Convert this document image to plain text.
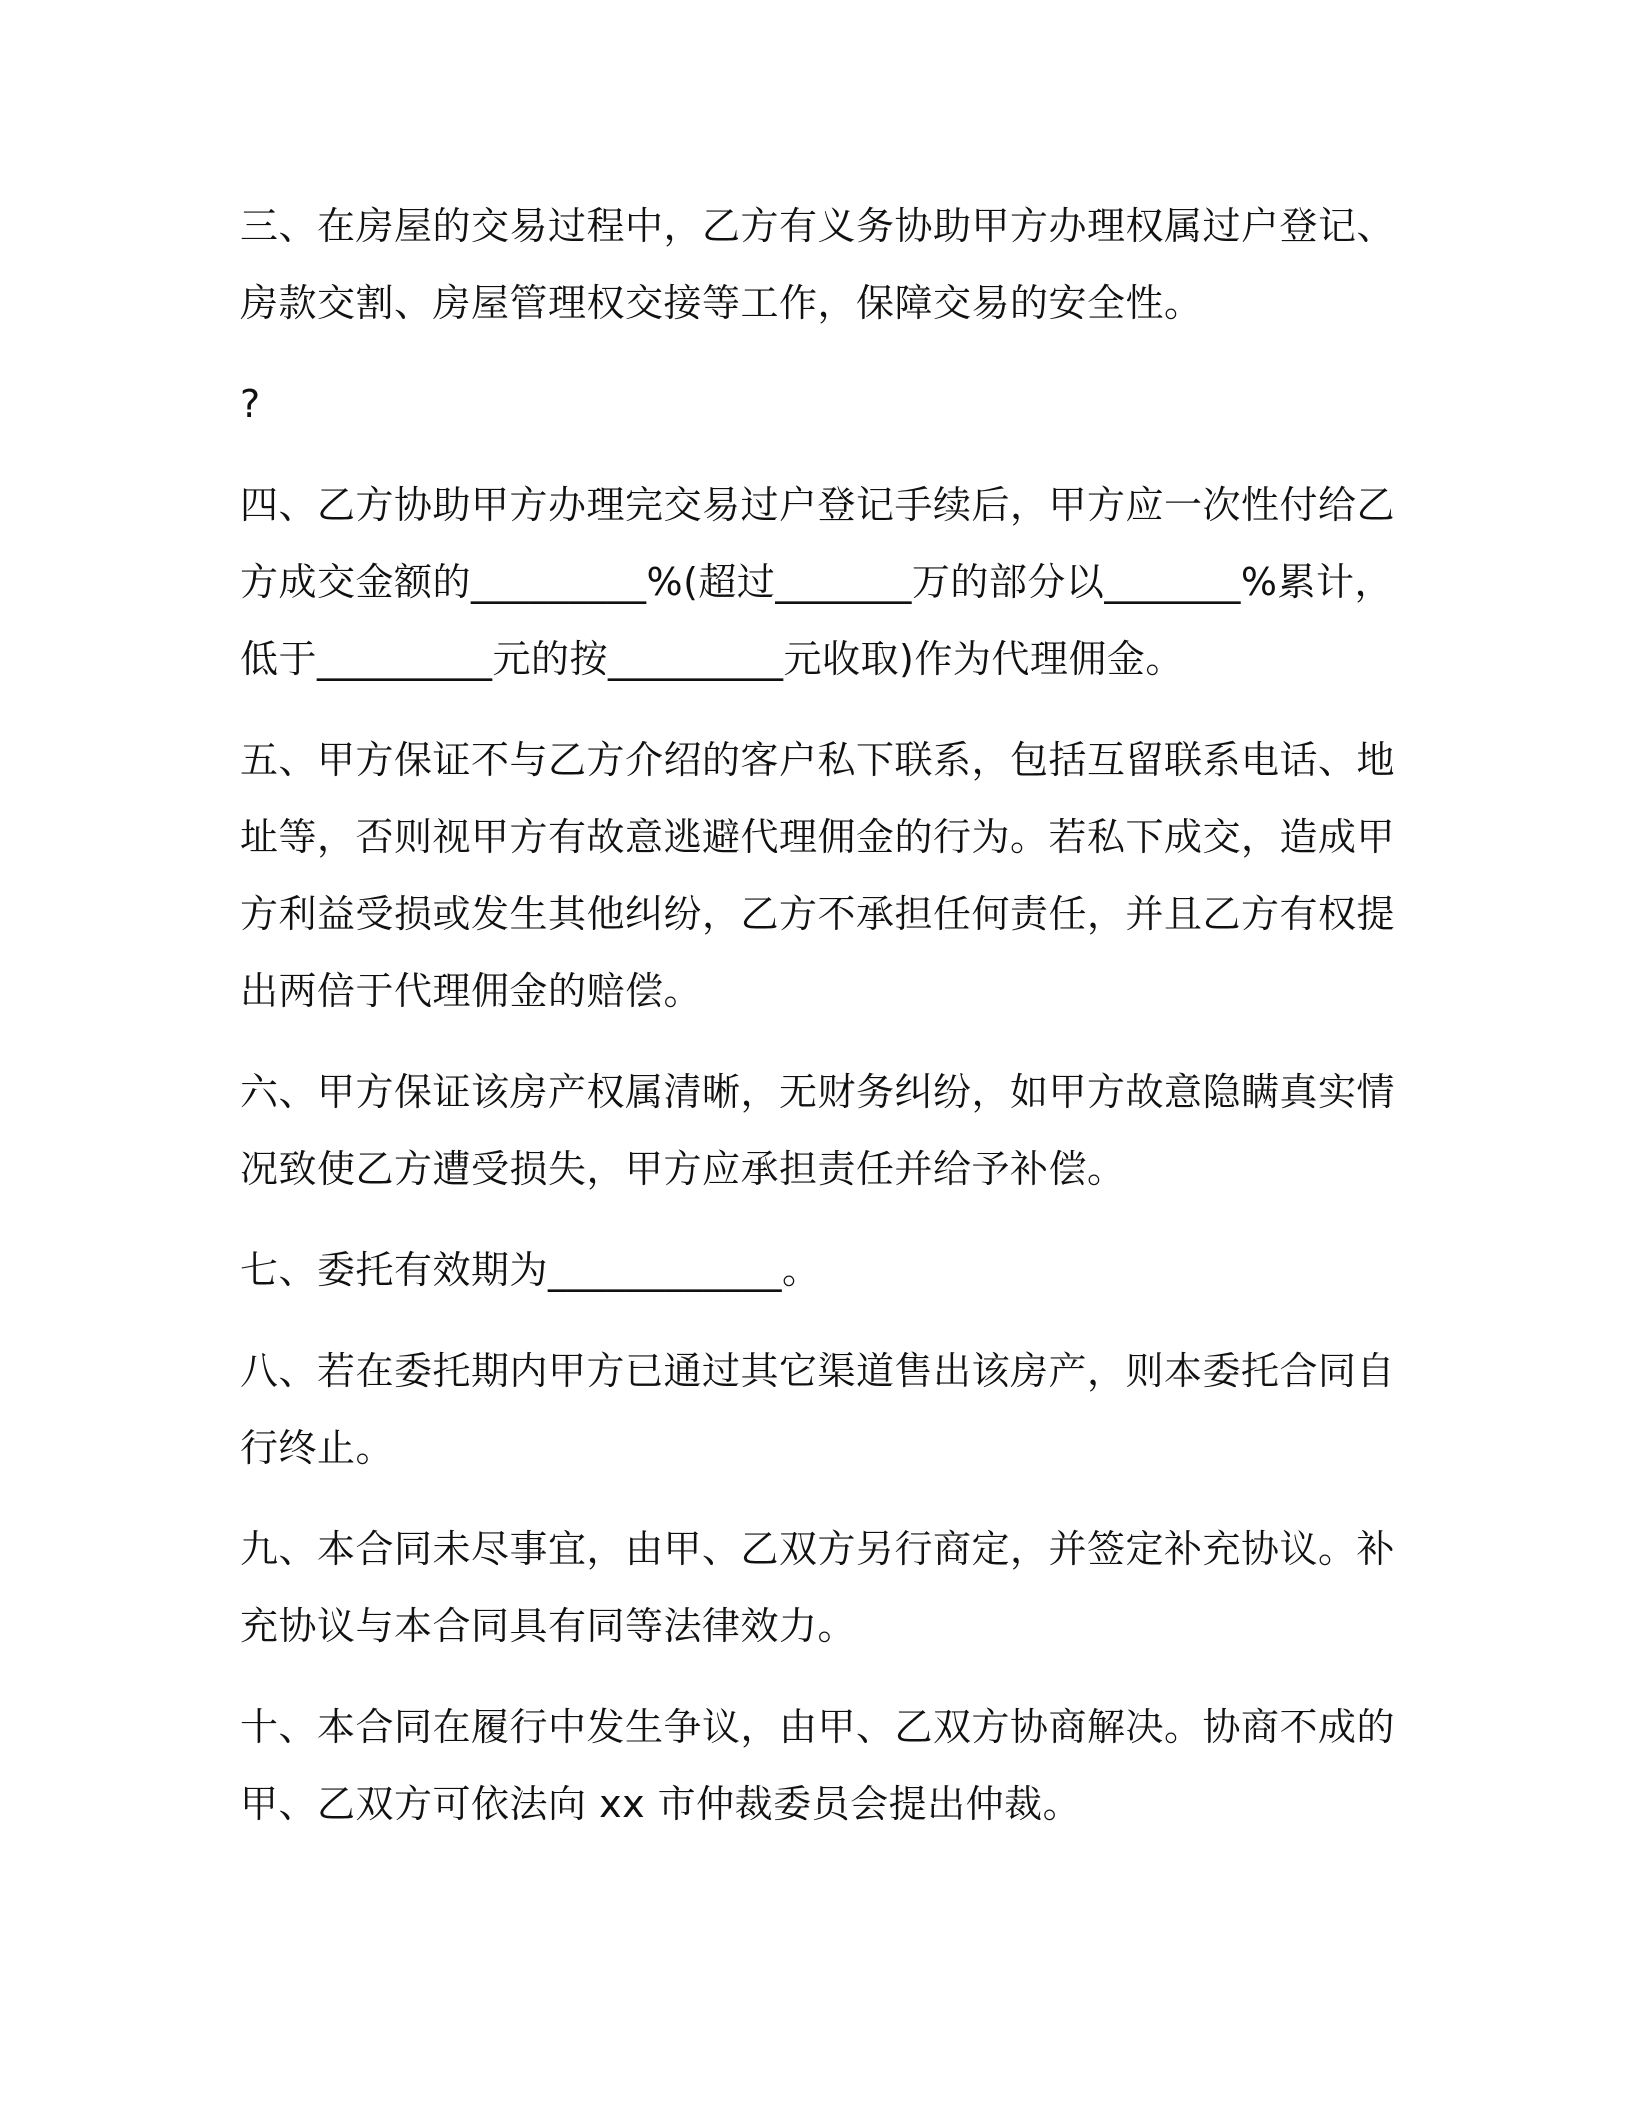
三、在房屋的交易过程中，乙方有义务协助甲方办理权属过户登记、
房款交割、房屋管理权交接等工作，保障交易的安全性。
?
四、乙方协助甲方办理完交易过户登记手续后，甲方应一次性付给乙
方成交金额的_________%(超过_______万的部分以_______%累计，
低于_________元的按_________元收取)作为代理佣金。
五、甲方保证不与乙方介绍的客户私下联系，包括互留联系电话、地
址等，否则视甲方有故意逃避代理佣金的行为。若私下成交，造成甲
方利益受损或发生其他纠纷，乙方不承担任何责任，并且乙方有权提
出两倍于代理佣金的赔偿。
六、甲方保证该房产权属清晰，无财务纠纷，如甲方故意隐瞒真实情
况致使乙方遭受损失，甲方应承担责任并给予补偿。
七、委托有效期为____________。
八、若在委托期内甲方已通过其它渠道售出该房产，则本委托合同自
行终止。
九、本合同未尽事宜，由甲、乙双方另行商定，并签定补充协议。补
充协议与本合同具有同等法律效力。
十、本合同在履行中发生争议，由甲、乙双方协商解决。协商不成的
甲、乙双方可依法向 xx 市仲裁委员会提出仲裁。
